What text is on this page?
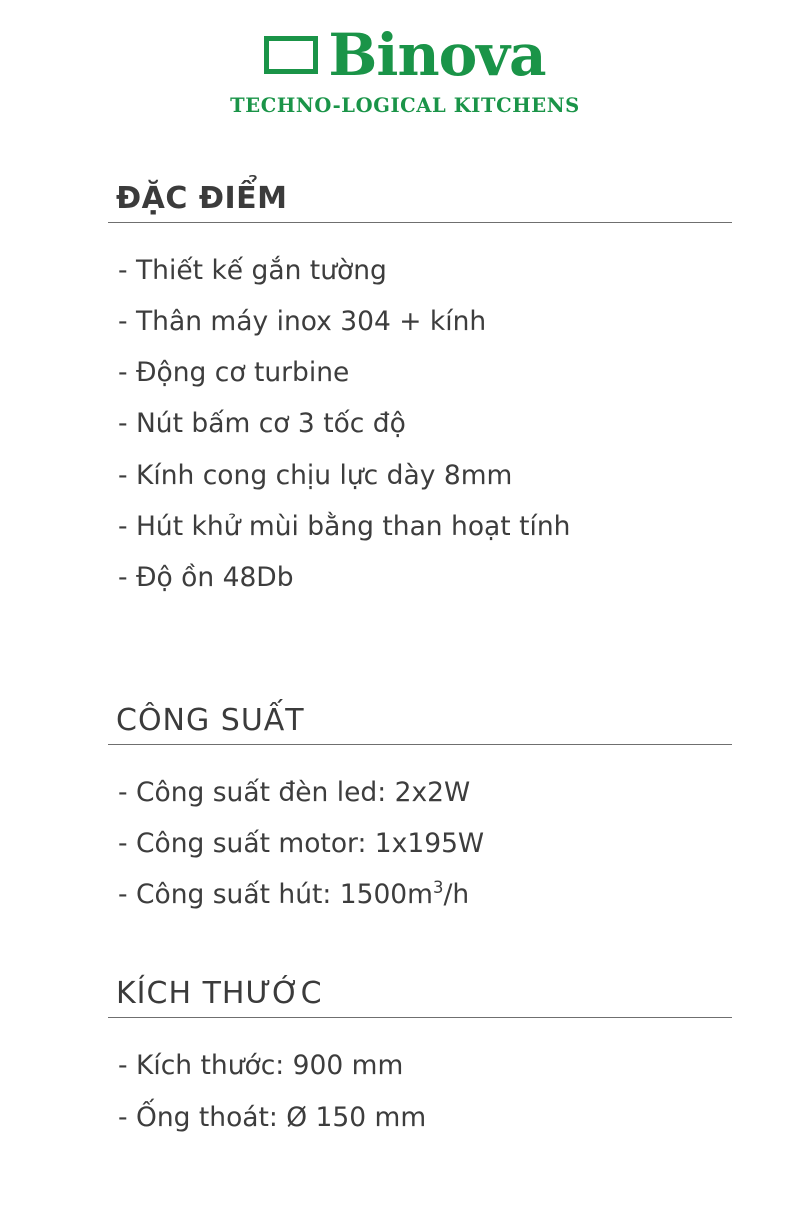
Binova
TECHNO-LOGICAL KITCHENS
ĐẶC ĐIỂM
- Thiết kế gắn tường
- Thân máy inox 304 + kính
- Động cơ turbine
- Nút bấm cơ 3 tốc độ
- Kính cong chịu lực dày 8mm
- Hút khử mùi bằng than hoạt tính
- Độ ồn 48Db
CÔNG SUẤT
- Công suất đèn led: 2x2W
- Công suất motor: 1x195W
- Công suất hút: $1500m^3/h$
KÍCH THƯỚC
- Kích thước: 900 mm
- Ống thoát: Ø 150 mm
